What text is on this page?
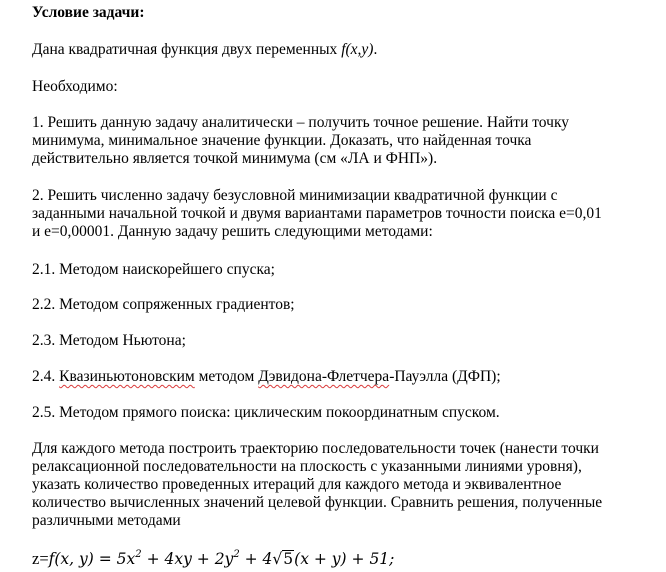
Условие задачи:
Дана квадратичная функция двух переменных f(x,y).
Необходимо:
1. Решить данную задачу аналитически – получить точное решение. Найти точку
минимума, минимальное значение функции. Доказать, что найденная точка
действительно является точкой минимума (см «ЛА и ФНП»).
2. Решить численно задачу безусловной минимизации квадратичной функции с
заданными начальной точкой и двумя вариантами параметров точности поиска e=0,01
и e=0,00001. Данную задачу решить следующими методами:
2.1. Методом наискорейшего спуска;
2.2. Методом сопряженных градиентов;
2.3. Методом Ньютона;
2.4. Квазиньютоновским методом Дэвидона-Флетчера-Пауэлла (ДФП);
2.5. Методом прямого поиска: циклическим покоординатным спуском.
Для каждого метода построить траекторию последовательности точек (нанести точки
релаксационной последовательности на плоскость с указанными линиями уровня),
указать количество проведенных итераций для каждого метода и эквивалентное
количество вычисленных значений целевой функции. Сравнить решения, полученные
различными методами
z=f(x, $y) = 5x^2 + 4xy + 2y^2 + 4√5(x + y) + 51$;
